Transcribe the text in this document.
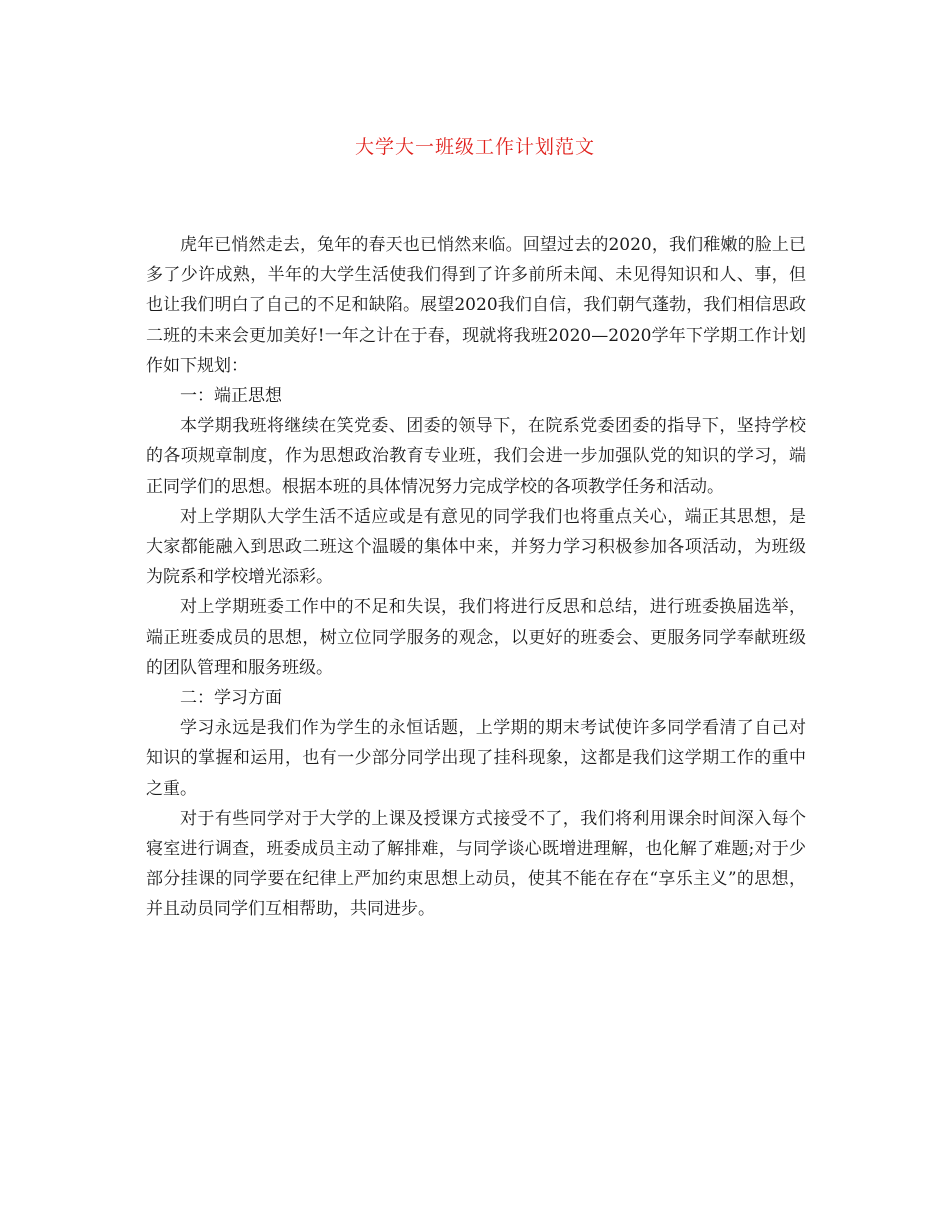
大学大一班级工作计划范文

虎年已悄然走去，兔年的春天也已悄然来临。回望过去的2020，我们稚嫩的脸上已多了少许成熟，半年的大学生活使我们得到了许多前所未闻、未见得知识和人、事，但也让我们明白了自己的不足和缺陷。展望2020我们自信，我们朝气蓬勃，我们相信思政二班的未来会更加美好!一年之计在于春，现就将我班2020—2020学年下学期工作计划作如下规划：

一：端正思想

本学期我班将继续在笑党委、团委的领导下，在院系党委团委的指导下，坚持学校的各项规章制度，作为思想政治教育专业班，我们会进一步加强队党的知识的学习，端正同学们的思想。根据本班的具体情况努力完成学校的各项教学任务和活动。

对上学期队大学生活不适应或是有意见的同学我们也将重点关心，端正其思想，是大家都能融入到思政二班这个温暖的集体中来，并努力学习积极参加各项活动，为班级为院系和学校增光添彩。

对上学期班委工作中的不足和失误，我们将进行反思和总结，进行班委换届选举，端正班委成员的思想，树立位同学服务的观念，以更好的班委会、更服务同学奉献班级的团队管理和服务班级。

二：学习方面

学习永远是我们作为学生的永恒话题，上学期的期末考试使许多同学看清了自己对知识的掌握和运用，也有一少部分同学出现了挂科现象，这都是我们这学期工作的重中之重。

对于有些同学对于大学的上课及授课方式接受不了，我们将利用课余时间深入每个寝室进行调查，班委成员主动了解排难，与同学谈心既增进理解，也化解了难题;对于少部分挂课的同学要在纪律上严加约束思想上动员，使其不能在存在“享乐主义”的思想，并且动员同学们互相帮助，共同进步。
